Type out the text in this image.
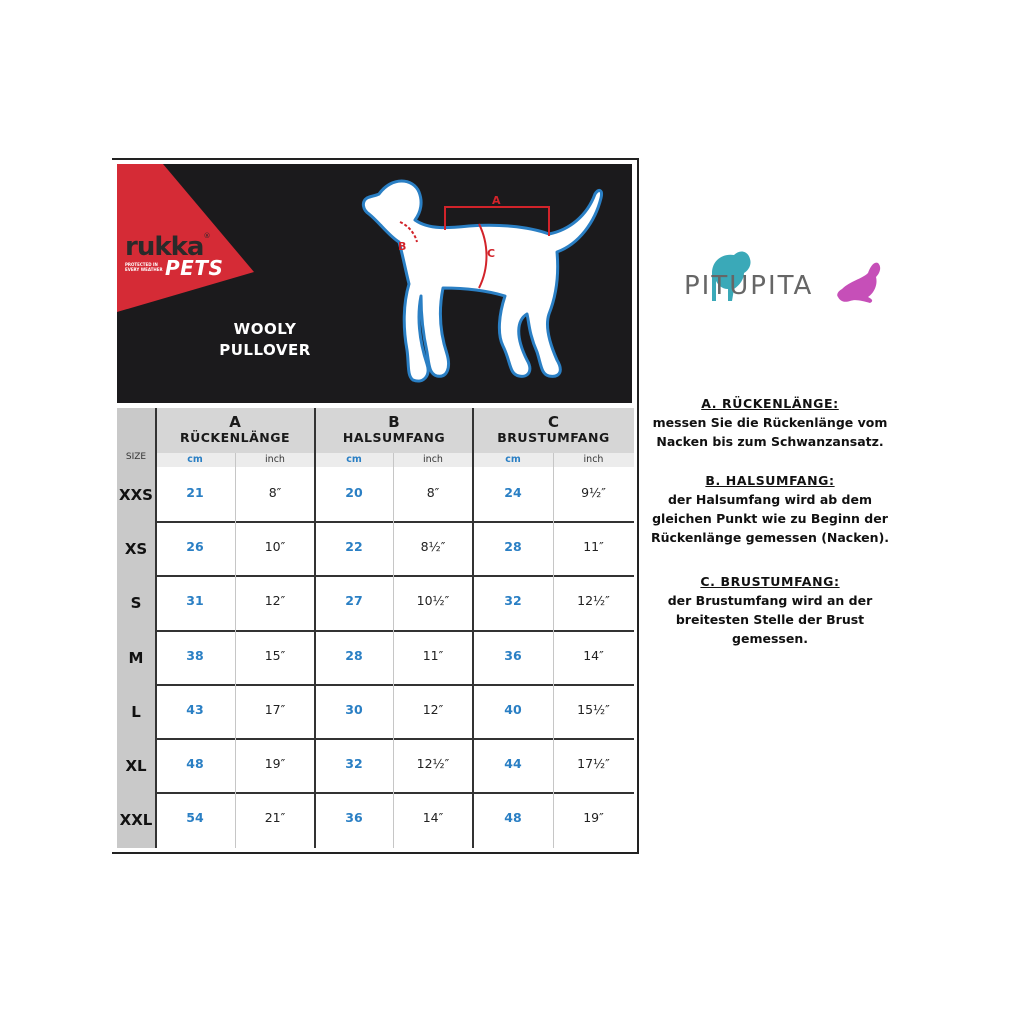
A
B
C
rukka®
PROTECTED IN EVERY WEATHER PETS
WOOLY
PULLOVER
SIZE
A
RÜCKENLÄNGE
B
HALSUMFANG
C
BRUSTUMFANG
cm	inch	cm	inch	cm	inch
XXS	21	8″	20	8″	24	9½″
XS	26	10″	22	8½″	28	11″
S	31	12″	27	10½″	32	12½″
M	38	15″	28	11″	36	14″
L	43	17″	30	12″	40	15½″
XL	48	19″	32	12½″	44	17½″
XXL	54	21″	36	14″	48	19″
PITUPITA
A. RÜCKENLÄNGE:
messen Sie die Rückenlänge vom
Nacken bis zum Schwanzansatz.
B. HALSUMFANG:
der Halsumfang wird ab dem
gleichen Punkt wie zu Beginn der
Rückenlänge gemessen (Nacken).
C. BRUSTUMFANG:
der Brustumfang wird an der
breitesten Stelle der Brust
gemessen.
